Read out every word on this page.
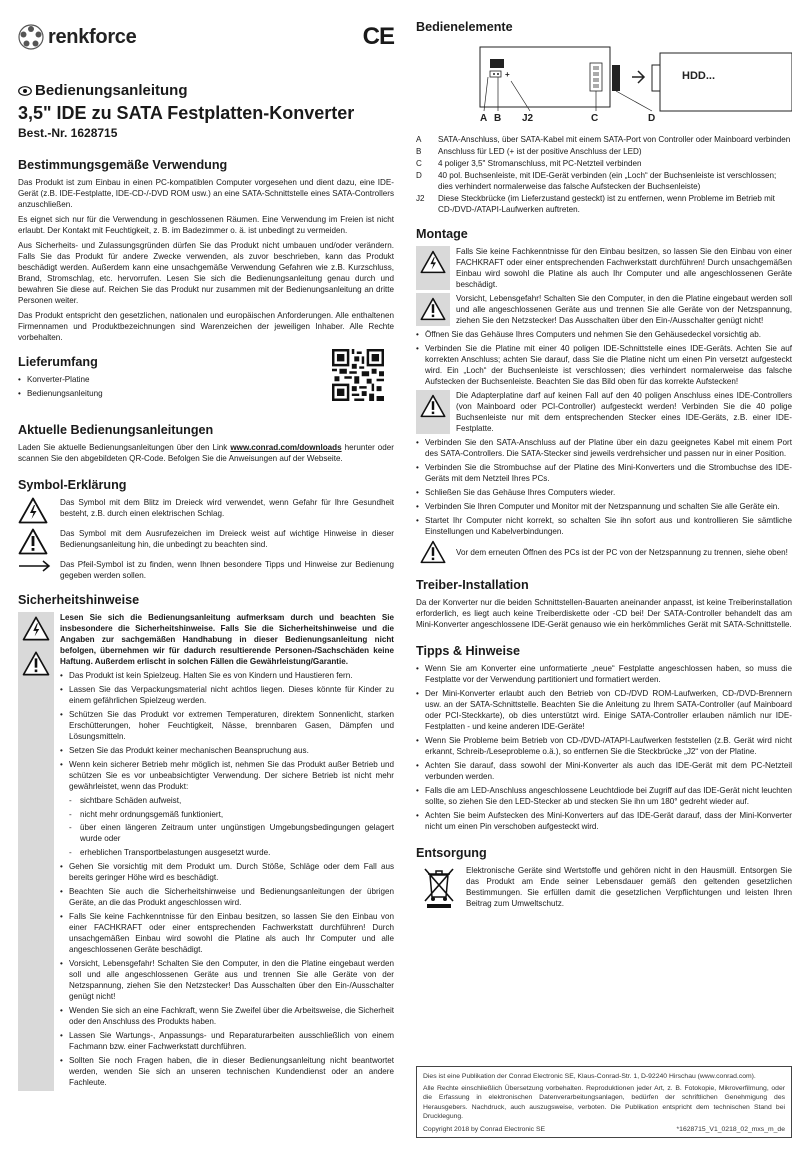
renkforce	CE
Bedienungsanleitung
3,5" IDE zu SATA Festplatten-Konverter
Best.-Nr. 1628715
Bestimmungsgemäße Verwendung

Das Produkt ist zum Einbau in einen PC-kompatiblen Computer vorgesehen und dient dazu, eine IDE-Gerät (z.B. IDE-Festplatte, IDE-CD-/-DVD ROM usw.) an eine SATA-Schnittstelle eines SATA-Controllers anzuschließen.

Es eignet sich nur für die Verwendung in geschlossenen Räumen. Eine Verwendung im Freien ist nicht erlaubt. Der Kontakt mit Feuchtigkeit, z. B. im Badezimmer o. ä. ist unbedingt zu vermeiden.

Aus Sicherheits- und Zulassungsgründen dürfen Sie das Produkt nicht umbauen und/oder verändern. Falls Sie das Produkt für andere Zwecke verwenden, als zuvor beschrieben, kann das Produkt beschädigt werden. Außerdem kann eine unsachgemäße Verwendung Gefahren wie z.B. Kurzschluss, Brand, Stromschlag, etc. hervorrufen. Lesen Sie sich die Bedienungsanleitung genau durch und bewahren Sie diese auf. Reichen Sie das Produkt nur zusammen mit der Bedienungsanleitung an dritte Personen weiter.

Das Produkt entspricht den gesetzlichen, nationalen und europäischen Anforderungen. Alle enthaltenen Firmennamen und Produktbezeichnungen sind Warenzeichen der jeweiligen Inhaber. Alle Rechte vorbehalten.

Lieferumfang
• Konverter-Platine
• Bedienungsanleitung
Aktuelle Bedienungsanleitungen

Laden Sie aktuelle Bedienungsanleitungen über den Link www.conrad.com/downloads herunter oder scannen Sie den abgebildeten QR-Code. Befolgen Sie die Anweisungen auf der Webseite.

Symbol-Erklärung

Das Symbol mit dem Blitz im Dreieck wird verwendet, wenn Gefahr für Ihre Gesundheit besteht, z.B. durch einen elektrischen Schlag.

Das Symbol mit dem Ausrufezeichen im Dreieck weist auf wichtige Hinweise in dieser Bedienungsanleitung hin, die unbedingt zu beachten sind.

Das Pfeil-Symbol ist zu finden, wenn Ihnen besondere Tipps und Hinweise zur Bedienung gegeben werden sollen.

Sicherheitshinweise

Lesen Sie sich die Bedienungsanleitung aufmerksam durch und beachten Sie insbesondere die Sicherheitshinweise. Falls Sie die Sicherheitshinweise und die Angaben zur sachgemäßen Handhabung in dieser Bedienungsanleitung nicht befolgen, übernehmen wir für dadurch resultierende Personen-/Sachschäden keine Haftung. Außerdem erlischt in solchen Fällen die Gewährleistung/Garantie.

• Das Produkt ist kein Spielzeug. Halten Sie es von Kindern und Haustieren fern.
• Lassen Sie das Verpackungsmaterial nicht achtlos liegen. Dieses könnte für Kinder zu einem gefährlichen Spielzeug werden.
• Schützen Sie das Produkt vor extremen Temperaturen, direktem Sonnenlicht, starken Erschütterungen, hoher Feuchtigkeit, Nässe, brennbaren Gasen, Dämpfen und Lösungsmitteln.
• Setzen Sie das Produkt keiner mechanischen Beanspruchung aus.
• Wenn kein sicherer Betrieb mehr möglich ist, nehmen Sie das Produkt außer Betrieb und schützen Sie es vor unbeabsichtigter Verwendung. Der sichere Betrieb ist nicht mehr gewährleistet, wenn das Produkt:
- sichtbare Schäden aufweist,
- nicht mehr ordnungsgemäß funktioniert,
- über einen längeren Zeitraum unter ungünstigen Umgebungsbedingungen gelagert wurde oder
- erheblichen Transportbelastungen ausgesetzt wurde.
• Gehen Sie vorsichtig mit dem Produkt um. Durch Stöße, Schläge oder dem Fall aus bereits geringer Höhe wird es beschädigt.
• Beachten Sie auch die Sicherheitshinweise und Bedienungsanleitungen der übrigen Geräte, an die das Produkt angeschlossen wird.
• Falls Sie keine Fachkenntnisse für den Einbau besitzen, so lassen Sie den Einbau von einer FACHKRAFT oder einer entsprechenden Fachwerkstatt durchführen! Durch unsachgemäßen Einbau wird sowohl die Platine als auch Ihr Computer und alle angeschlossenen Geräte beschädigt.
• Vorsicht, Lebensgefahr! Schalten Sie den Computer, in den die Platine eingebaut werden soll und alle angeschlossenen Geräte aus und trennen Sie alle Geräte von der Netzspannung, ziehen Sie den Netzstecker! Das Ausschalten über den Ein-/Ausschalter genügt nicht!
• Wenden Sie sich an eine Fachkraft, wenn Sie Zweifel über die Arbeitsweise, die Sicherheit oder den Anschluss des Produkts haben.
• Lassen Sie Wartungs-, Anpassungs- und Reparaturarbeiten ausschließlich von einem Fachmann bzw. einer Fachwerkstatt durchführen.
• Sollten Sie noch Fragen haben, die in dieser Bedienungsanleitung nicht beantwortet werden, wenden Sie sich an unseren technischen Kundendienst oder an andere Fachleute.
Bedienelemente
+	HDD...
A B J2	C	D
A	SATA-Anschluss, über SATA-Kabel mit einem SATA-Port von Controller oder Mainboard verbinden
B	Anschluss für LED (+ ist der positive Anschluss der LED)
C	4 poliger 3,5" Stromanschluss, mit PC-Netzteil verbinden
D	40 pol. Buchsenleiste, mit IDE-Gerät verbinden (ein „Loch“ der Buchsenleiste ist verschlossen; dies verhindert normalerweise das falsche Aufstecken der Buchsenleiste)
J2	Diese Steckbrücke (im Lieferzustand gesteckt) ist zu entfernen, wenn Probleme im Betrieb mit CD-/DVD-/ATAPI-Laufwerken auftreten.
Montage

Falls Sie keine Fachkenntnisse für den Einbau besitzen, so lassen Sie den Einbau von einer FACHKRAFT oder einer entsprechenden Fachwerkstatt durchführen! Durch unsachgemäßen Einbau wird sowohl die Platine als auch Ihr Computer und alle angeschlossenen Geräte beschädigt.

Vorsicht, Lebensgefahr! Schalten Sie den Computer, in den die Platine eingebaut werden soll und alle angeschlossenen Geräte aus und trennen Sie alle Geräte von der Netzspannung, ziehen Sie den Netzstecker! Das Ausschalten über den Ein-/Ausschalter genügt nicht!

• Öffnen Sie das Gehäuse Ihres Computers und nehmen Sie den Gehäusedeckel vorsichtig ab.
• Verbinden Sie die Platine mit einer 40 poligen IDE-Schnittstelle eines IDE-Geräts. Achten Sie auf korrekten Anschluss; achten Sie darauf, dass Sie die Platine nicht um einen Pin versetzt aufgesteckt wird. Ein „Loch“ der Buchsenleiste ist verschlossen; dies verhindert normalerweise das falsche Aufstecken der Buchsenleiste. Beachten Sie das Bild oben für das korrekte Aufstecken!

Die Adapterplatine darf auf keinen Fall auf den 40 poligen Anschluss eines IDE-Controllers (von Mainboard oder PCI-Controller) aufgesteckt werden! Verbinden Sie die 40 polige Buchsenleiste nur mit dem entsprechenden Stecker eines IDE-Geräts, z.B. einer IDE-Festplatte.

• Verbinden Sie den SATA-Anschluss auf der Platine über ein dazu geeignetes Kabel mit einem Port des SATA-Controllers. Die SATA-Stecker sind jeweils verdrehsicher und passen nur in einer Position.
• Verbinden Sie die Strombuchse auf der Platine des Mini-Konverters und die Strombuchse des IDE-Geräts mit dem Netzteil Ihres PCs.
• Schließen Sie das Gehäuse Ihres Computers wieder.
• Verbinden Sie Ihren Computer und Monitor mit der Netzspannung und schalten Sie alle Geräte ein.
• Startet Ihr Computer nicht korrekt, so schalten Sie ihn sofort aus und kontrollieren Sie sämtliche Einstellungen und Kabelverbindungen.

Vor dem erneuten Öffnen des PCs ist der PC von der Netzspannung zu trennen, siehe oben!

Treiber-Installation

Da der Konverter nur die beiden Schnittstellen-Bauarten aneinander anpasst, ist keine Treiberinstallation erforderlich, es liegt auch keine Treiberdiskette oder -CD bei! Der SATA-Controller behandelt das am Mini-Konverter angeschlossene IDE-Gerät genauso wie ein herkömmliches Gerät mit SATA-Schnittstelle.

Tipps & Hinweise
• Wenn Sie am Konverter eine unformatierte „neue“ Festplatte angeschlossen haben, so muss die Festplatte vor der Verwendung partitioniert und formatiert werden.
• Der Mini-Konverter erlaubt auch den Betrieb von CD-/DVD ROM-Laufwerken, CD-/DVD-Brennern usw. an der SATA-Schnittstelle. Beachten Sie die Anleitung zu Ihrem SATA-Controller (auf Mainboard oder PCI-Steckkarte), ob dies unterstützt wird. Einige SATA-Controller erlauben nämlich nur IDE-Festplatten - und keine anderen IDE-Geräte!
• Wenn Sie Probleme beim Betrieb von CD-/DVD-/ATAPI-Laufwerken feststellen (z.B. Gerät wird nicht erkannt, Schreib-/Leseprobleme o.ä.), so entfernen Sie die Steckbrücke „J2“ von der Platine.
• Achten Sie darauf, dass sowohl der Mini-Konverter als auch das IDE-Gerät mit dem PC-Netzteil verbunden werden.
• Falls die am LED-Anschluss angeschlossene Leuchtdiode bei Zugriff auf das IDE-Gerät nicht leuchten sollte, so ziehen Sie den LED-Stecker ab und stecken Sie ihn um 180° gedreht wieder auf.
• Achten Sie beim Aufstecken des Mini-Konverters auf das IDE-Gerät darauf, dass der Mini-Konverter nicht um einen Pin verschoben aufgesteckt wird.
Entsorgung

Elektronische Geräte sind Wertstoffe und gehören nicht in den Hausmüll. Entsorgen Sie das Produkt am Ende seiner Lebensdauer gemäß den geltenden gesetzlichen Bestimmungen. Sie erfüllen damit die gesetzlichen Verpflichtungen und leisten Ihren Beitrag zum Umweltschutz.

Dies ist eine Publikation der Conrad Electronic SE, Klaus-Conrad-Str. 1, D-92240 Hirschau (www.conrad.com).
Alle Rechte einschließlich Übersetzung vorbehalten. Reproduktionen jeder Art, z. B. Fotokopie, Mikroverfilmung, oder die Erfassung in elektronischen Datenverarbeitungsanlagen, bedürfen der schriftlichen Genehmigung des Herausgebers. Nachdruck, auch auszugsweise, verboten. Die Publikation entspricht dem technischen Stand bei Drucklegung.
Copyright 2018 by Conrad Electronic SE	*1628715_V1_0218_02_mxs_m_de
